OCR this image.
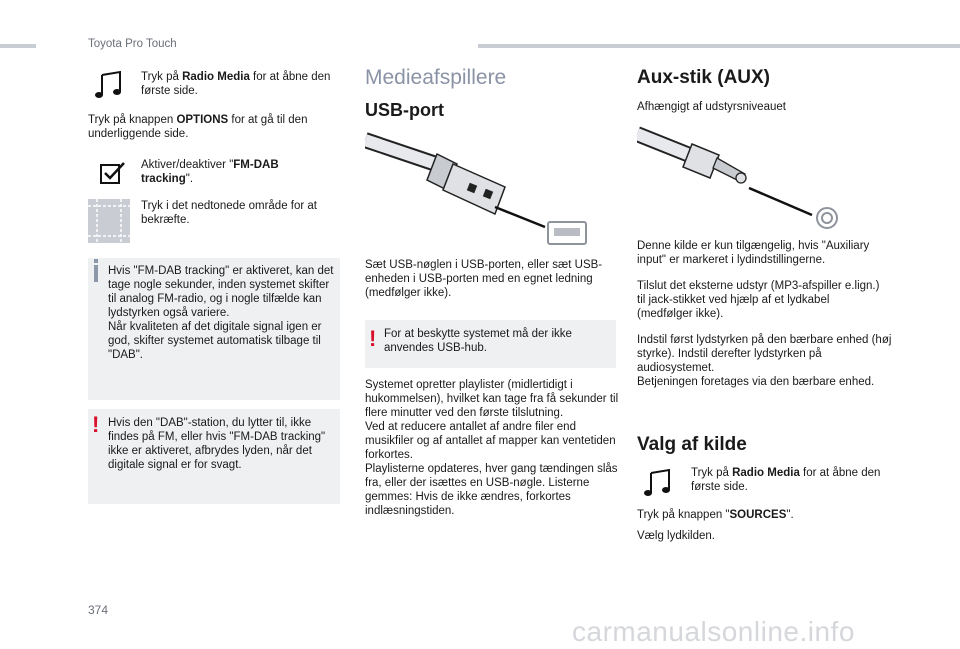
Toyota Pro Touch
Tryk på Radio Media for at åbne den første side.
Tryk på knappen OPTIONS for at gå til den underliggende side.
Aktiver/deaktiver "FM-DAB tracking".
Tryk i det nedtonede område for at bekræfte.
Hvis "FM-DAB tracking" er aktiveret, kan det tage nogle sekunder, inden systemet skifter til analog FM-radio, og i nogle tilfælde kan lydstyrken også variere.
Når kvaliteten af det digitale signal igen er god, skifter systemet automatisk tilbage til "DAB".
! Hvis den "DAB"-station, du lytter til, ikke findes på FM, eller hvis "FM-DAB tracking" ikke er aktiveret, afbrydes lyden, når det digitale signal er for svagt.
Medieafspillere
USB-port
Sæt USB-nøglen i USB-porten, eller sæt USB-enheden i USB-porten med en egnet ledning (medfølger ikke).
! For at beskytte systemet må der ikke anvendes USB-hub.
Systemet opretter playlister (midlertidigt i hukommelsen), hvilket kan tage fra få sekunder til flere minutter ved den første tilslutning.
Ved at reducere antallet af andre filer end musikfiler og af antallet af mapper kan ventetiden forkortes.
Playlisterne opdateres, hver gang tændingen slås fra, eller der isættes en USB-nøgle. Listerne gemmes: Hvis de ikke ændres, forkortes indlæsningstiden.
Aux-stik (AUX)
Afhængigt af udstyrsniveauet
Denne kilde er kun tilgængelig, hvis "Auxiliary input" er markeret i lydindstillingerne.
Tilslut det eksterne udstyr (MP3-afspiller e.lign.) til jack-stikket ved hjælp af et lydkabel (medfølger ikke).
Indstil først lydstyrken på den bærbare enhed (høj styrke). Indstil derefter lydstyrken på audiosystemet.
Betjeningen foretages via den bærbare enhed.
Valg af kilde
Tryk på Radio Media for at åbne den første side.
Tryk på knappen "SOURCES".
Vælg lydkilden.
374
carmanualsonline.info
